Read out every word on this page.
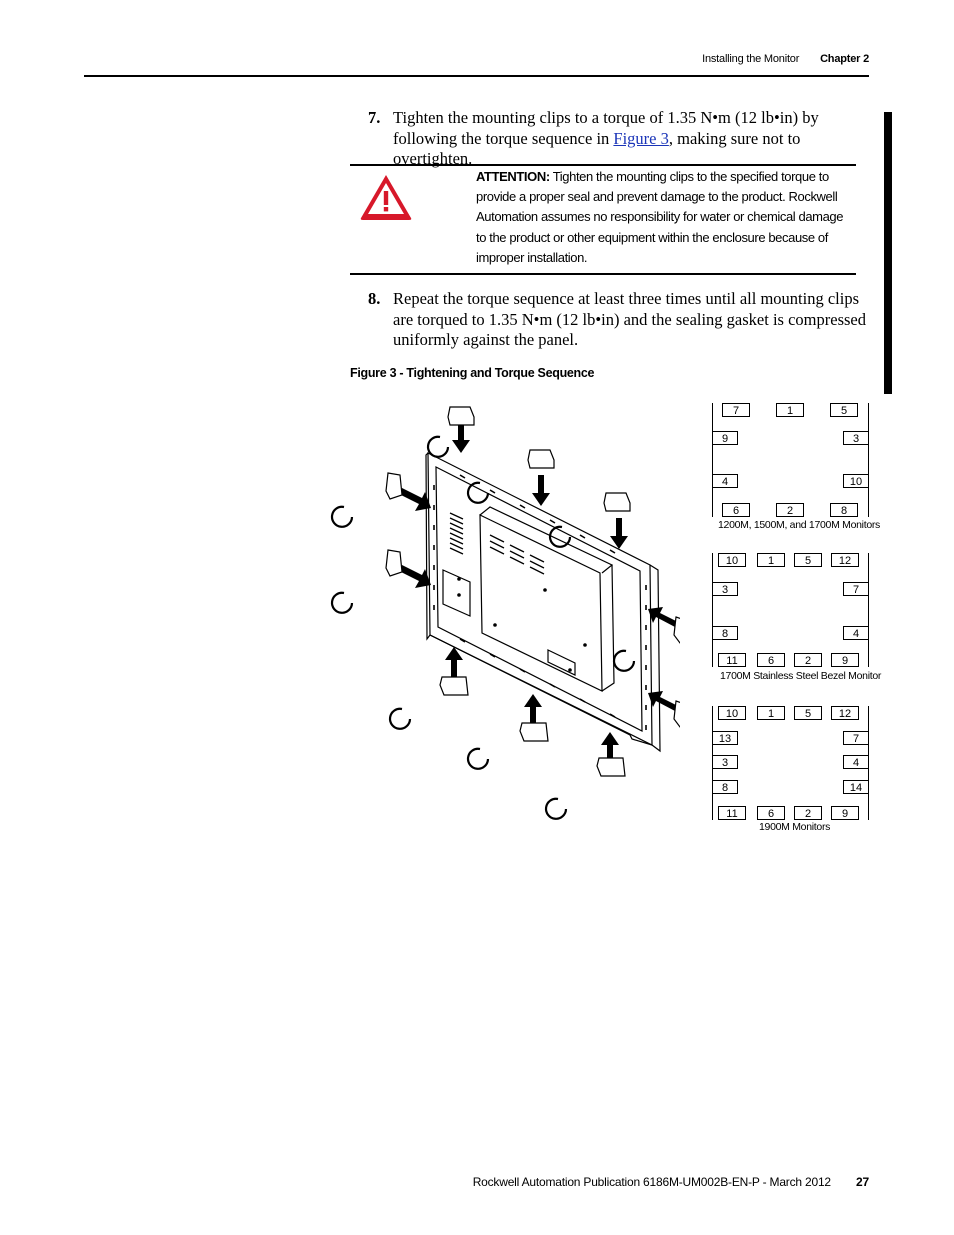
Installing the Monitor Chapter 2
7. Tighten the mounting clips to a torque of 1.35 N•m (12 lb•in) by following the torque sequence in Figure 3, making sure not to overtighten.
ATTENTION: Tighten the mounting clips to the specified torque to provide a proper seal and prevent damage to the product. Rockwell Automation assumes no responsibility for water or chemical damage to the product or other equipment within the enclosure because of improper installation.
8. Repeat the torque sequence at least three times until all mounting clips are torqued to 1.35 N•m (12 lb•in) and the sealing gasket is compressed uniformly against the panel.
Figure 3 - Tightening and Torque Sequence
7	1	5
9
4
3
10
6	2	8
1200M, 1500M, and 1700M Monitors
10	1	5	12
3
8
7
4
11	6	2	9
1700M Stainless Steel Bezel Monitor
10	1	5	12
13
3
8
7
4
14
11	6	2	9
1900M Monitors
Rockwell Automation Publication 6186M-UM002B-EN-P - March 2012 27
